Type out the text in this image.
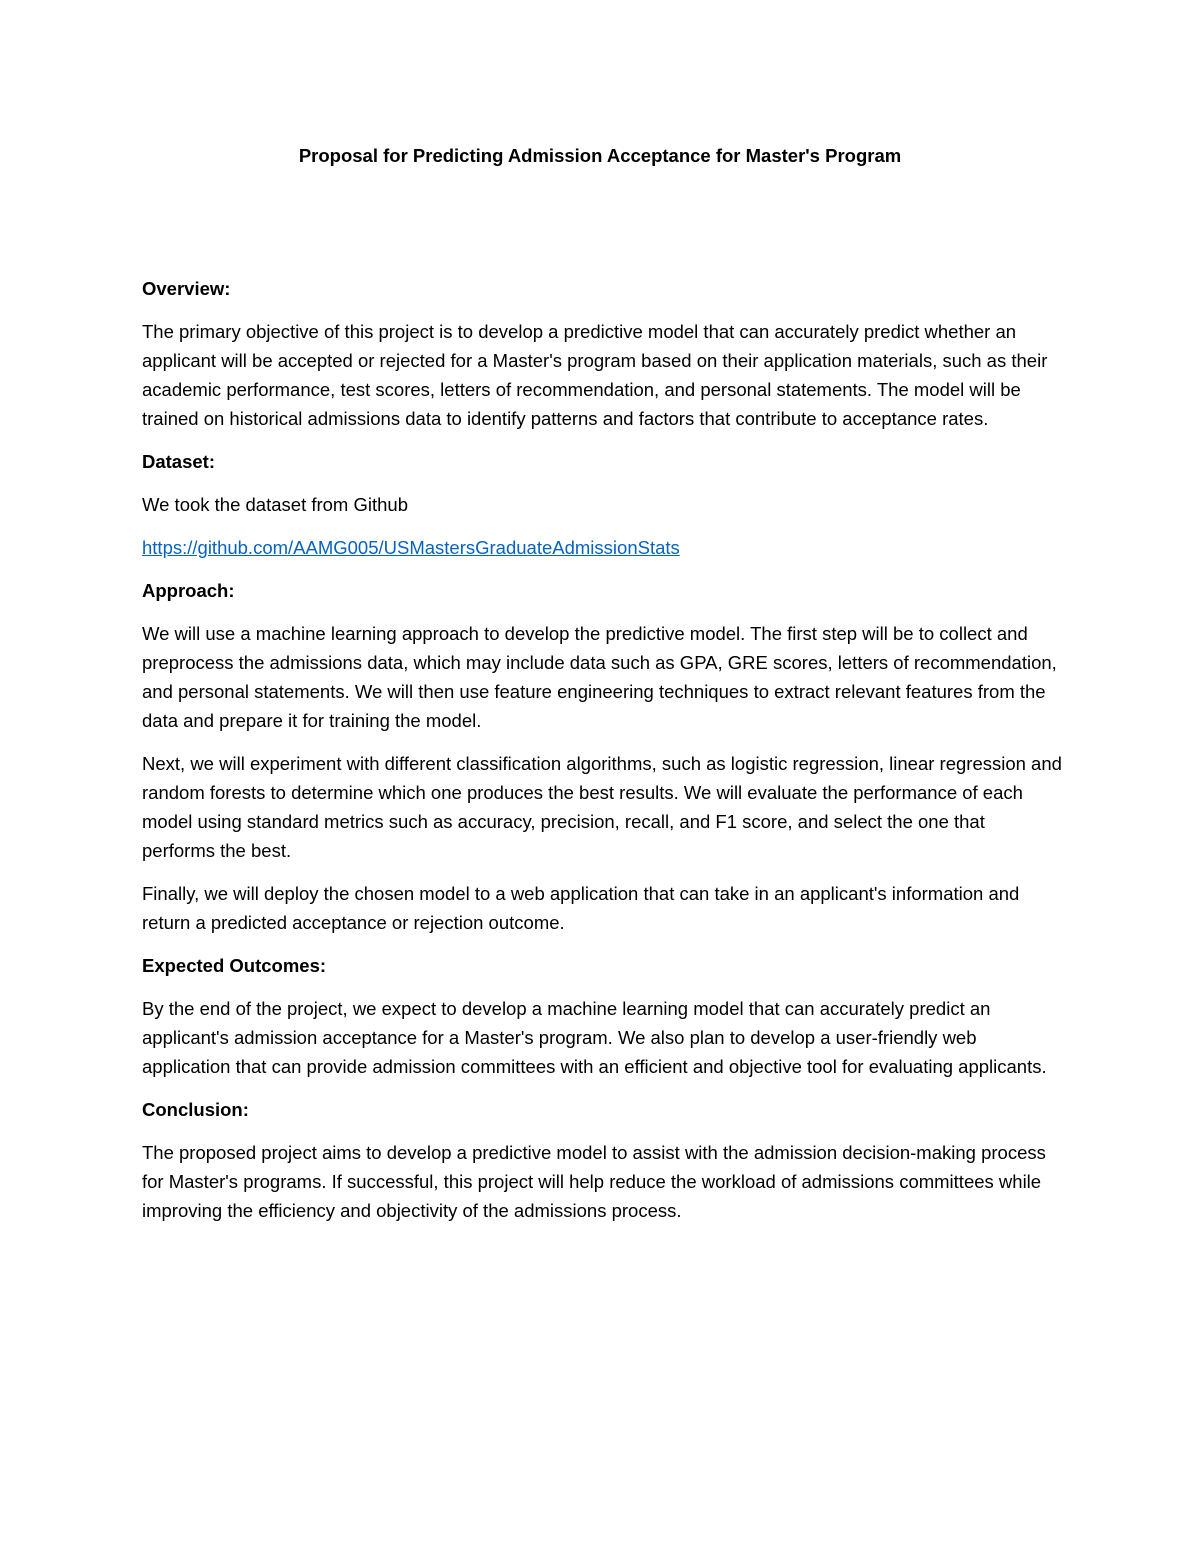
Proposal for Predicting Admission Acceptance for Master's Program

Overview:

The primary objective of this project is to develop a predictive model that can accurately predict whether an applicant will be accepted or rejected for a Master's program based on their application materials, such as their academic performance, test scores, letters of recommendation, and personal statements. The model will be trained on historical admissions data to identify patterns and factors that contribute to acceptance rates.

Dataset:

We took the dataset from Github

https://github.com/AAMG005/USMastersGraduateAdmissionStats

Approach:

We will use a machine learning approach to develop the predictive model. The first step will be to collect and preprocess the admissions data, which may include data such as GPA, GRE scores, letters of recommendation, and personal statements. We will then use feature engineering techniques to extract relevant features from the data and prepare it for training the model.

Next, we will experiment with different classification algorithms, such as logistic regression, linear regression and random forests to determine which one produces the best results. We will evaluate the performance of each model using standard metrics such as accuracy, precision, recall, and F1 score, and select the one that performs the best.

Finally, we will deploy the chosen model to a web application that can take in an applicant's information and return a predicted acceptance or rejection outcome.

Expected Outcomes:

By the end of the project, we expect to develop a machine learning model that can accurately predict an applicant's admission acceptance for a Master's program. We also plan to develop a user-friendly web application that can provide admission committees with an efficient and objective tool for evaluating applicants.

Conclusion:

The proposed project aims to develop a predictive model to assist with the admission decision-making process for Master's programs. If successful, this project will help reduce the workload of admissions committees while improving the efficiency and objectivity of the admissions process.
